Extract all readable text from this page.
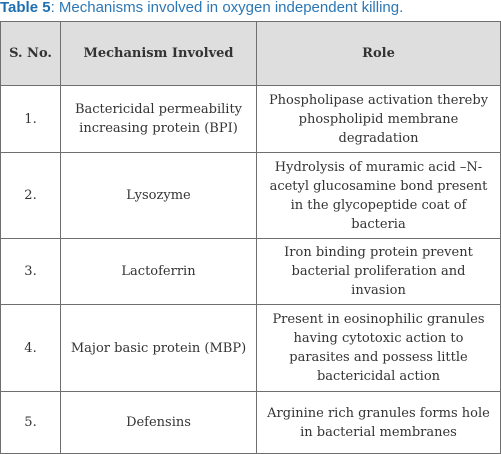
Table 5: Mechanisms involved in oxygen independent killing.
S. No.	Mechanism Involved	Role
1.	Bactericidal permeability increasing protein (BPI)	Phospholipase activation thereby phospholipid membrane degradation
2.	Lysozyme	Hydrolysis of muramic acid –N-acetyl glucosamine bond present in the glycopeptide coat of bacteria
3.	Lactoferrin	Iron binding protein prevent bacterial proliferation and invasion
4.	Major basic protein (MBP)	Present in eosinophilic granules having cytotoxic action to parasites and possess little bactericidal action
5.	Defensins	Arginine rich granules forms hole in bacterial membranes
